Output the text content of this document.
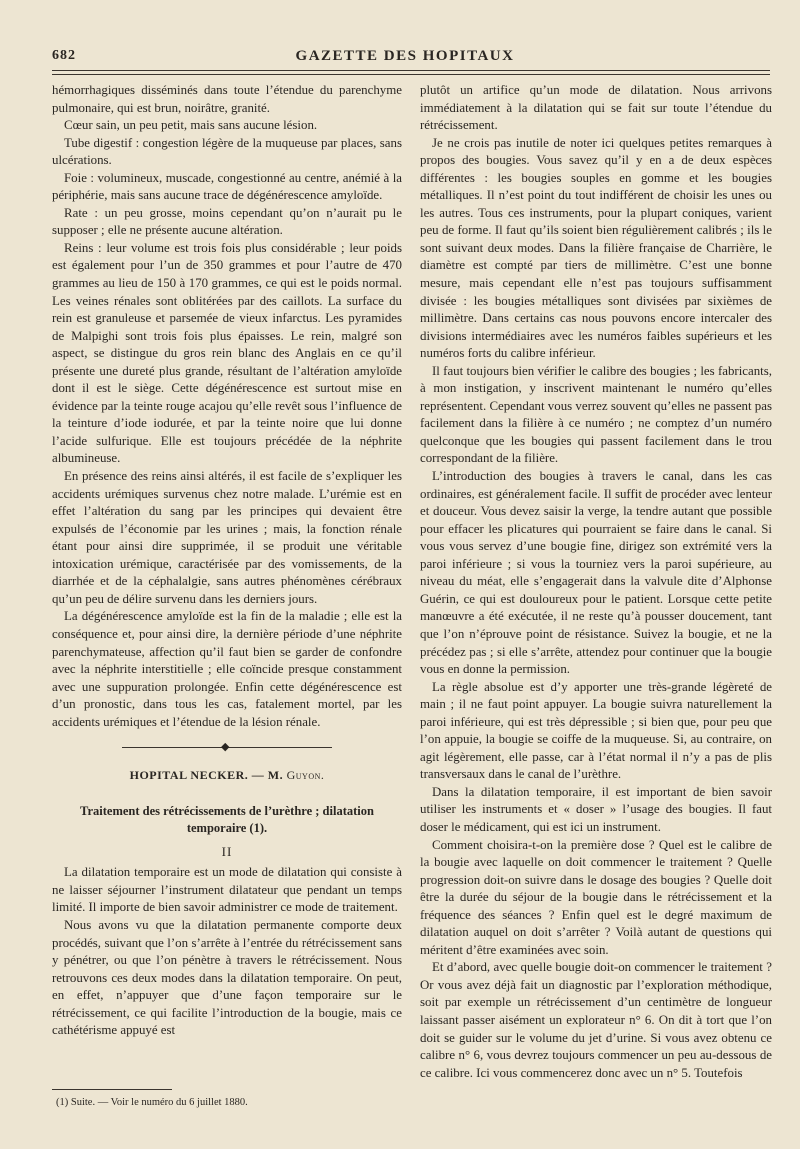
682	GAZETTE DES HOPITAUX

hémorrhagiques disséminés dans toute l’étendue du parenchyme pulmonaire, qui est brun, noirâtre, granité.

Cœur sain, un peu petit, mais sans aucune lésion.

Tube digestif : congestion légère de la muqueuse par places, sans ulcérations.

Foie : volumineux, muscade, congestionné au centre, anémié à la périphérie, mais sans aucune trace de dégénérescence amyloïde.

Rate : un peu grosse, moins cependant qu’on n’aurait pu le supposer ; elle ne présente aucune altération.

Reins : leur volume est trois fois plus considérable ; leur poids est également pour l’un de 350 grammes et pour l’autre de 470 grammes au lieu de 150 à 170 grammes, ce qui est le poids normal. Les veines rénales sont oblitérées par des caillots. La surface du rein est granuleuse et parsemée de vieux infarctus. Les pyramides de Malpighi sont trois fois plus épaisses. Le rein, malgré son aspect, se distingue du gros rein blanc des Anglais en ce qu’il présente une dureté plus grande, résultant de l’altération amyloïde dont il est le siège. Cette dégénérescence est surtout mise en évidence par la teinte rouge acajou qu’elle revêt sous l’influence de la teinture d’iode iodurée, et par la teinte noire que lui donne l’acide sulfurique. Elle est toujours précédée de la néphrite albumineuse.

En présence des reins ainsi altérés, il est facile de s’expliquer les accidents urémiques survenus chez notre malade. L’urémie est en effet l’altération du sang par les principes qui devaient être expulsés de l’économie par les urines ; mais, la fonction rénale étant pour ainsi dire supprimée, il se produit une véritable intoxication urémique, caractérisée par des vomissements, de la diarrhée et de la céphalalgie, sans autres phénomènes cérébraux qu’un peu de délire survenu dans les derniers jours.

La dégénérescence amyloïde est la fin de la maladie ; elle est la conséquence et, pour ainsi dire, la dernière période d’une néphrite parenchymateuse, affection qu’il faut bien se garder de confondre avec la néphrite interstitielle ; elle coïncide presque constamment avec une suppuration prolongée. Enfin cette dégénérescence est d’un pronostic, dans tous les cas, fatalement mortel, par les accidents urémiques et l’étendue de la lésion rénale.

◆
HOPITAL NECKER. — M. Guyon.
Traitement des rétrécissements de l’urèthre ; dilatation temporaire (1).
II

La dilatation temporaire est un mode de dilatation qui consiste à ne laisser séjourner l’instrument dilatateur que pendant un temps limité. Il importe de bien savoir administrer ce mode de traitement.

Nous avons vu que la dilatation permanente comporte deux procédés, suivant que l’on s’arrête à l’entrée du rétrécissement sans y pénétrer, ou que l’on pénètre à travers le rétrécissement. Nous retrouvons ces deux modes dans la dilatation temporaire. On peut, en effet, n’appuyer que d’une façon temporaire sur le rétrécissement, ce qui facilite l’introduction de la bougie, mais ce cathétérisme appuyé est

plutôt un artifice qu’un mode de dilatation. Nous arrivons immédiatement à la dilatation qui se fait sur toute l’étendue du rétrécissement.

Je ne crois pas inutile de noter ici quelques petites remarques à propos des bougies. Vous savez qu’il y en a de deux espèces différentes : les bougies souples en gomme et les bougies métalliques. Il n’est point du tout indifférent de choisir les unes ou les autres. Tous ces instruments, pour la plupart coniques, varient peu de forme. Il faut qu’ils soient bien régulièrement calibrés ; ils le sont suivant deux modes. Dans la filière française de Charrière, le diamètre est compté par tiers de millimètre. C’est une bonne mesure, mais cependant elle n’est pas toujours suffisamment divisée : les bougies métalliques sont divisées par sixièmes de millimètre. Dans certains cas nous pouvons encore intercaler des divisions intermédiaires avec les numéros faibles supérieurs et les numéros forts du calibre inférieur.

Il faut toujours bien vérifier le calibre des bougies ; les fabricants, à mon instigation, y inscrivent maintenant le numéro qu’elles représentent. Cependant vous verrez souvent qu’elles ne passent pas facilement dans la filière à ce numéro ; ne comptez d’un numéro quelconque que les bougies qui passent facilement dans le trou correspondant de la filière.

L’introduction des bougies à travers le canal, dans les cas ordinaires, est généralement facile. Il suffit de procéder avec lenteur et douceur. Vous devez saisir la verge, la tendre autant que possible pour effacer les plicatures qui pourraient se faire dans le canal. Si vous vous servez d’une bougie fine, dirigez son extrémité vers la paroi inférieure ; si vous la tourniez vers la paroi supérieure, au niveau du méat, elle s’engagerait dans la valvule dite d’Alphonse Guérin, ce qui est douloureux pour le patient. Lorsque cette petite manœuvre a été exécutée, il ne reste qu’à pousser doucement, tant que l’on n’éprouve point de résistance. Suivez la bougie, et ne la précédez pas ; si elle s’arrête, attendez pour continuer que la bougie vous en donne la permission.

La règle absolue est d’y apporter une très-grande légèreté de main ; il ne faut point appuyer. La bougie suivra naturellement la paroi inférieure, qui est très dépressible ; si bien que, pour peu que l’on appuie, la bougie se coiffe de la muqueuse. Si, au contraire, on agit légèrement, elle passe, car à l’état normal il n’y a pas de plis transversaux dans le canal de l’urèthre.

Dans la dilatation temporaire, il est important de bien savoir utiliser les instruments et « doser » l’usage des bougies. Il faut doser le médicament, qui est ici un instrument.

Comment choisira-t-on la première dose ? Quel est le calibre de la bougie avec laquelle on doit commencer le traitement ? Quelle progression doit-on suivre dans le dosage des bougies ? Quelle doit être la durée du séjour de la bougie dans le rétrécissement et la fréquence des séances ? Enfin quel est le degré maximum de dilatation auquel on doit s’arrêter ? Voilà autant de questions qui méritent d’être examinées avec soin.

Et d’abord, avec quelle bougie doit-on commencer le traitement ? Or vous avez déjà fait un diagnostic par l’exploration méthodique, soit par exemple un rétrécissement d’un centimètre de longueur laissant passer aisément un explorateur n° 6. On dit à tort que l’on doit se guider sur le volume du jet d’urine. Si vous avez obtenu ce calibre n° 6, vous devrez toujours commencer un peu au-dessous de ce calibre. Ici vous commencerez donc avec un n° 5. Toutefois

(1) Suite. — Voir le numéro du 6 juillet 1880.
